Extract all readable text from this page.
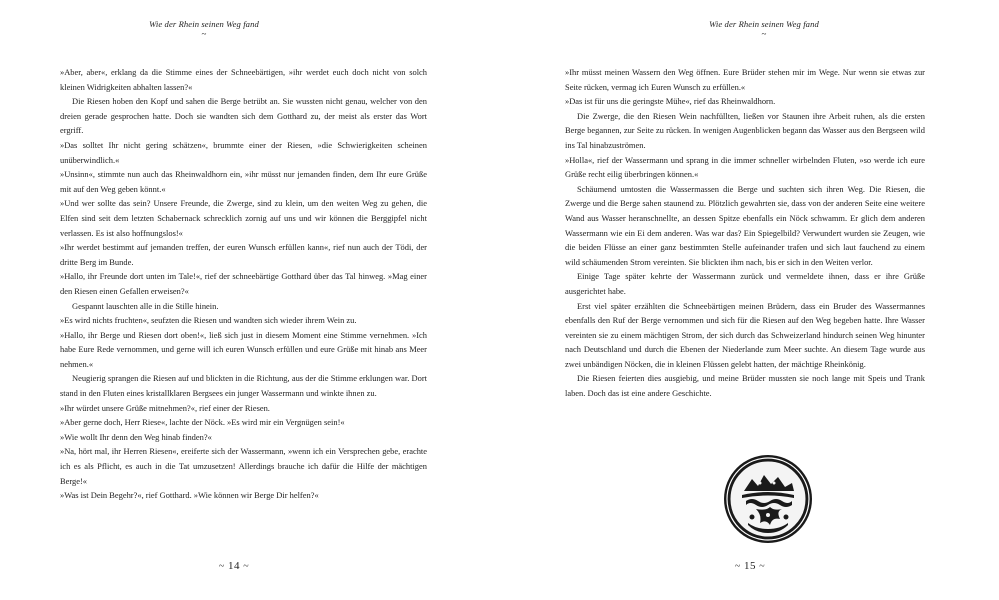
Wie der Rhein seinen Weg fand
~

»Aber, aber«, erklang da die Stimme eines der Schneebärtigen, »ihr werdet euch doch nicht von solch kleinen Widrigkeiten abhalten lassen?«

Die Riesen hoben den Kopf und sahen die Berge betrübt an. Sie wussten nicht genau, welcher von den dreien gerade gesprochen hatte. Doch sie wandten sich dem Gotthard zu, der meist als erster das Wort ergriff.

»Das solltet Ihr nicht gering schätzen«, brummte einer der Riesen, »die Schwierigkeiten scheinen unüberwindlich.«

»Unsinn«, stimmte nun auch das Rheinwaldhorn ein, »ihr müsst nur jemanden finden, dem Ihr eure Grüße mit auf den Weg geben könnt.«

»Und wer sollte das sein? Unsere Freunde, die Zwerge, sind zu klein, um den weiten Weg zu gehen, die Elfen sind seit dem letzten Schabernack schrecklich zornig auf uns und wir können die Berggipfel nicht verlassen. Es ist also hoffnungslos!«

»Ihr werdet bestimmt auf jemanden treffen, der euren Wunsch erfüllen kann«, rief nun auch der Tödi, der dritte Berg im Bunde.

»Hallo, ihr Freunde dort unten im Tale!«, rief der schneebärtige Gotthard über das Tal hinweg. »Mag einer den Riesen einen Gefallen erweisen?«

Gespannt lauschten alle in die Stille hinein.

»Es wird nichts fruchten«, seufzten die Riesen und wandten sich wieder ihrem Wein zu.

»Hallo, ihr Berge und Riesen dort oben!«, ließ sich just in diesem Moment eine Stimme vernehmen. »Ich habe Eure Rede vernommen, und gerne will ich euren Wunsch erfüllen und eure Grüße mit hinab ans Meer nehmen.«

Neugierig sprangen die Riesen auf und blickten in die Richtung, aus der die Stimme erklungen war. Dort stand in den Fluten eines kristallklaren Bergsees ein junger Wassermann und winkte ihnen zu.

»Ihr würdet unsere Grüße mitnehmen?«, rief einer der Riesen.

»Aber gerne doch, Herr Riese«, lachte der Nöck. »Es wird mir ein Vergnügen sein!«

»Wie wollt Ihr denn den Weg hinab finden?«

»Na, hört mal, ihr Herren Riesen«, ereiferte sich der Wassermann, »wenn ich ein Versprechen gebe, erachte ich es als Pflicht, es auch in die Tat umzusetzen! Allerdings brauche ich dafür die Hilfe der mächtigen Berge!«

»Was ist Dein Begehr?«, rief Gotthard. »Wie können wir Berge Dir helfen?«

~ 14 ~
Wie der Rhein seinen Weg fand
~

»Ihr müsst meinen Wassern den Weg öffnen. Eure Brüder stehen mir im Wege. Nur wenn sie etwas zur Seite rücken, vermag ich Euren Wunsch zu erfüllen.«

»Das ist für uns die geringste Mühe«, rief das Rheinwaldhorn.

Die Zwerge, die den Riesen Wein nachfüllten, ließen vor Staunen ihre Arbeit ruhen, als die ersten Berge begannen, zur Seite zu rücken. In wenigen Augenblicken begann das Wasser aus den Bergseen wild ins Tal hinabzuströmen.

»Holla«, rief der Wassermann und sprang in die immer schneller wirbelnden Fluten, »so werde ich eure Grüße recht eilig überbringen können.«

Schäumend umtosten die Wassermassen die Berge und suchten sich ihren Weg. Die Riesen, die Zwerge und die Berge sahen staunend zu. Plötzlich gewahrten sie, dass von der anderen Seite eine weitere Wand aus Wasser heranschnellte, an dessen Spitze ebenfalls ein Nöck schwamm. Er glich dem anderen Wassermann wie ein Ei dem anderen. Was war das? Ein Spiegelbild? Verwundert wurden sie Zeugen, wie die beiden Flüsse an einer ganz bestimmten Stelle aufeinander trafen und sich laut fauchend zu einem wild schäumenden Strom vereinten. Sie blickten ihm nach, bis er sich in den Weiten verlor.

Einige Tage später kehrte der Wassermann zurück und vermeldete ihnen, dass er ihre Grüße ausgerichtet habe.

Erst viel später erzählten die Schneebärtigen meinen Brüdern, dass ein Bruder des Wassermannes ebenfalls den Ruf der Berge vernommen und sich für die Riesen auf den Weg begeben hatte. Ihre Wasser vereinten sie zu einem mächtigen Strom, der sich durch das Schweizerland hindurch seinen Weg hinunter nach Deutschland und durch die Ebenen der Niederlande zum Meer suchte. An diesem Tage wurde aus zwei unbändigen Nöcken, die in kleinen Flüssen gelebt hatten, der mächtige Rheinkönig.

Die Riesen feierten dies ausgiebig, und meine Brüder mussten sie noch lange mit Speis und Trank laben. Doch das ist eine andere Geschichte.

~ 15 ~
